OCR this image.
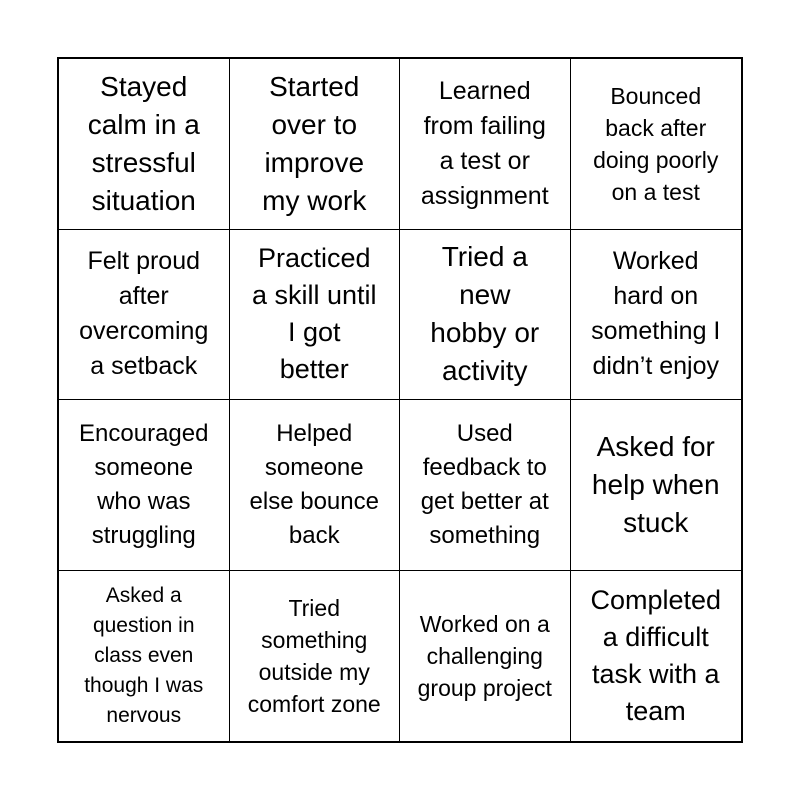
Stayed
calm in a
stressful
situation
Started
over to
improve
my work
Learned
from failing
a test or
assignment
Bounced
back after
doing poorly
on a test
Felt proud
after
overcoming
a setback
Practiced
a skill until
I got
better
Tried a
new
hobby or
activity
Worked
hard on
something I
didn’t enjoy
Encouraged
someone
who was
struggling
Helped
someone
else bounce
back
Used
feedback to
get better at
something
Asked for
help when
stuck
Asked a
question in
class even
though I was
nervous
Tried
something
outside my
comfort zone
Worked on a
challenging
group project
Completed
a difficult
task with a
team
